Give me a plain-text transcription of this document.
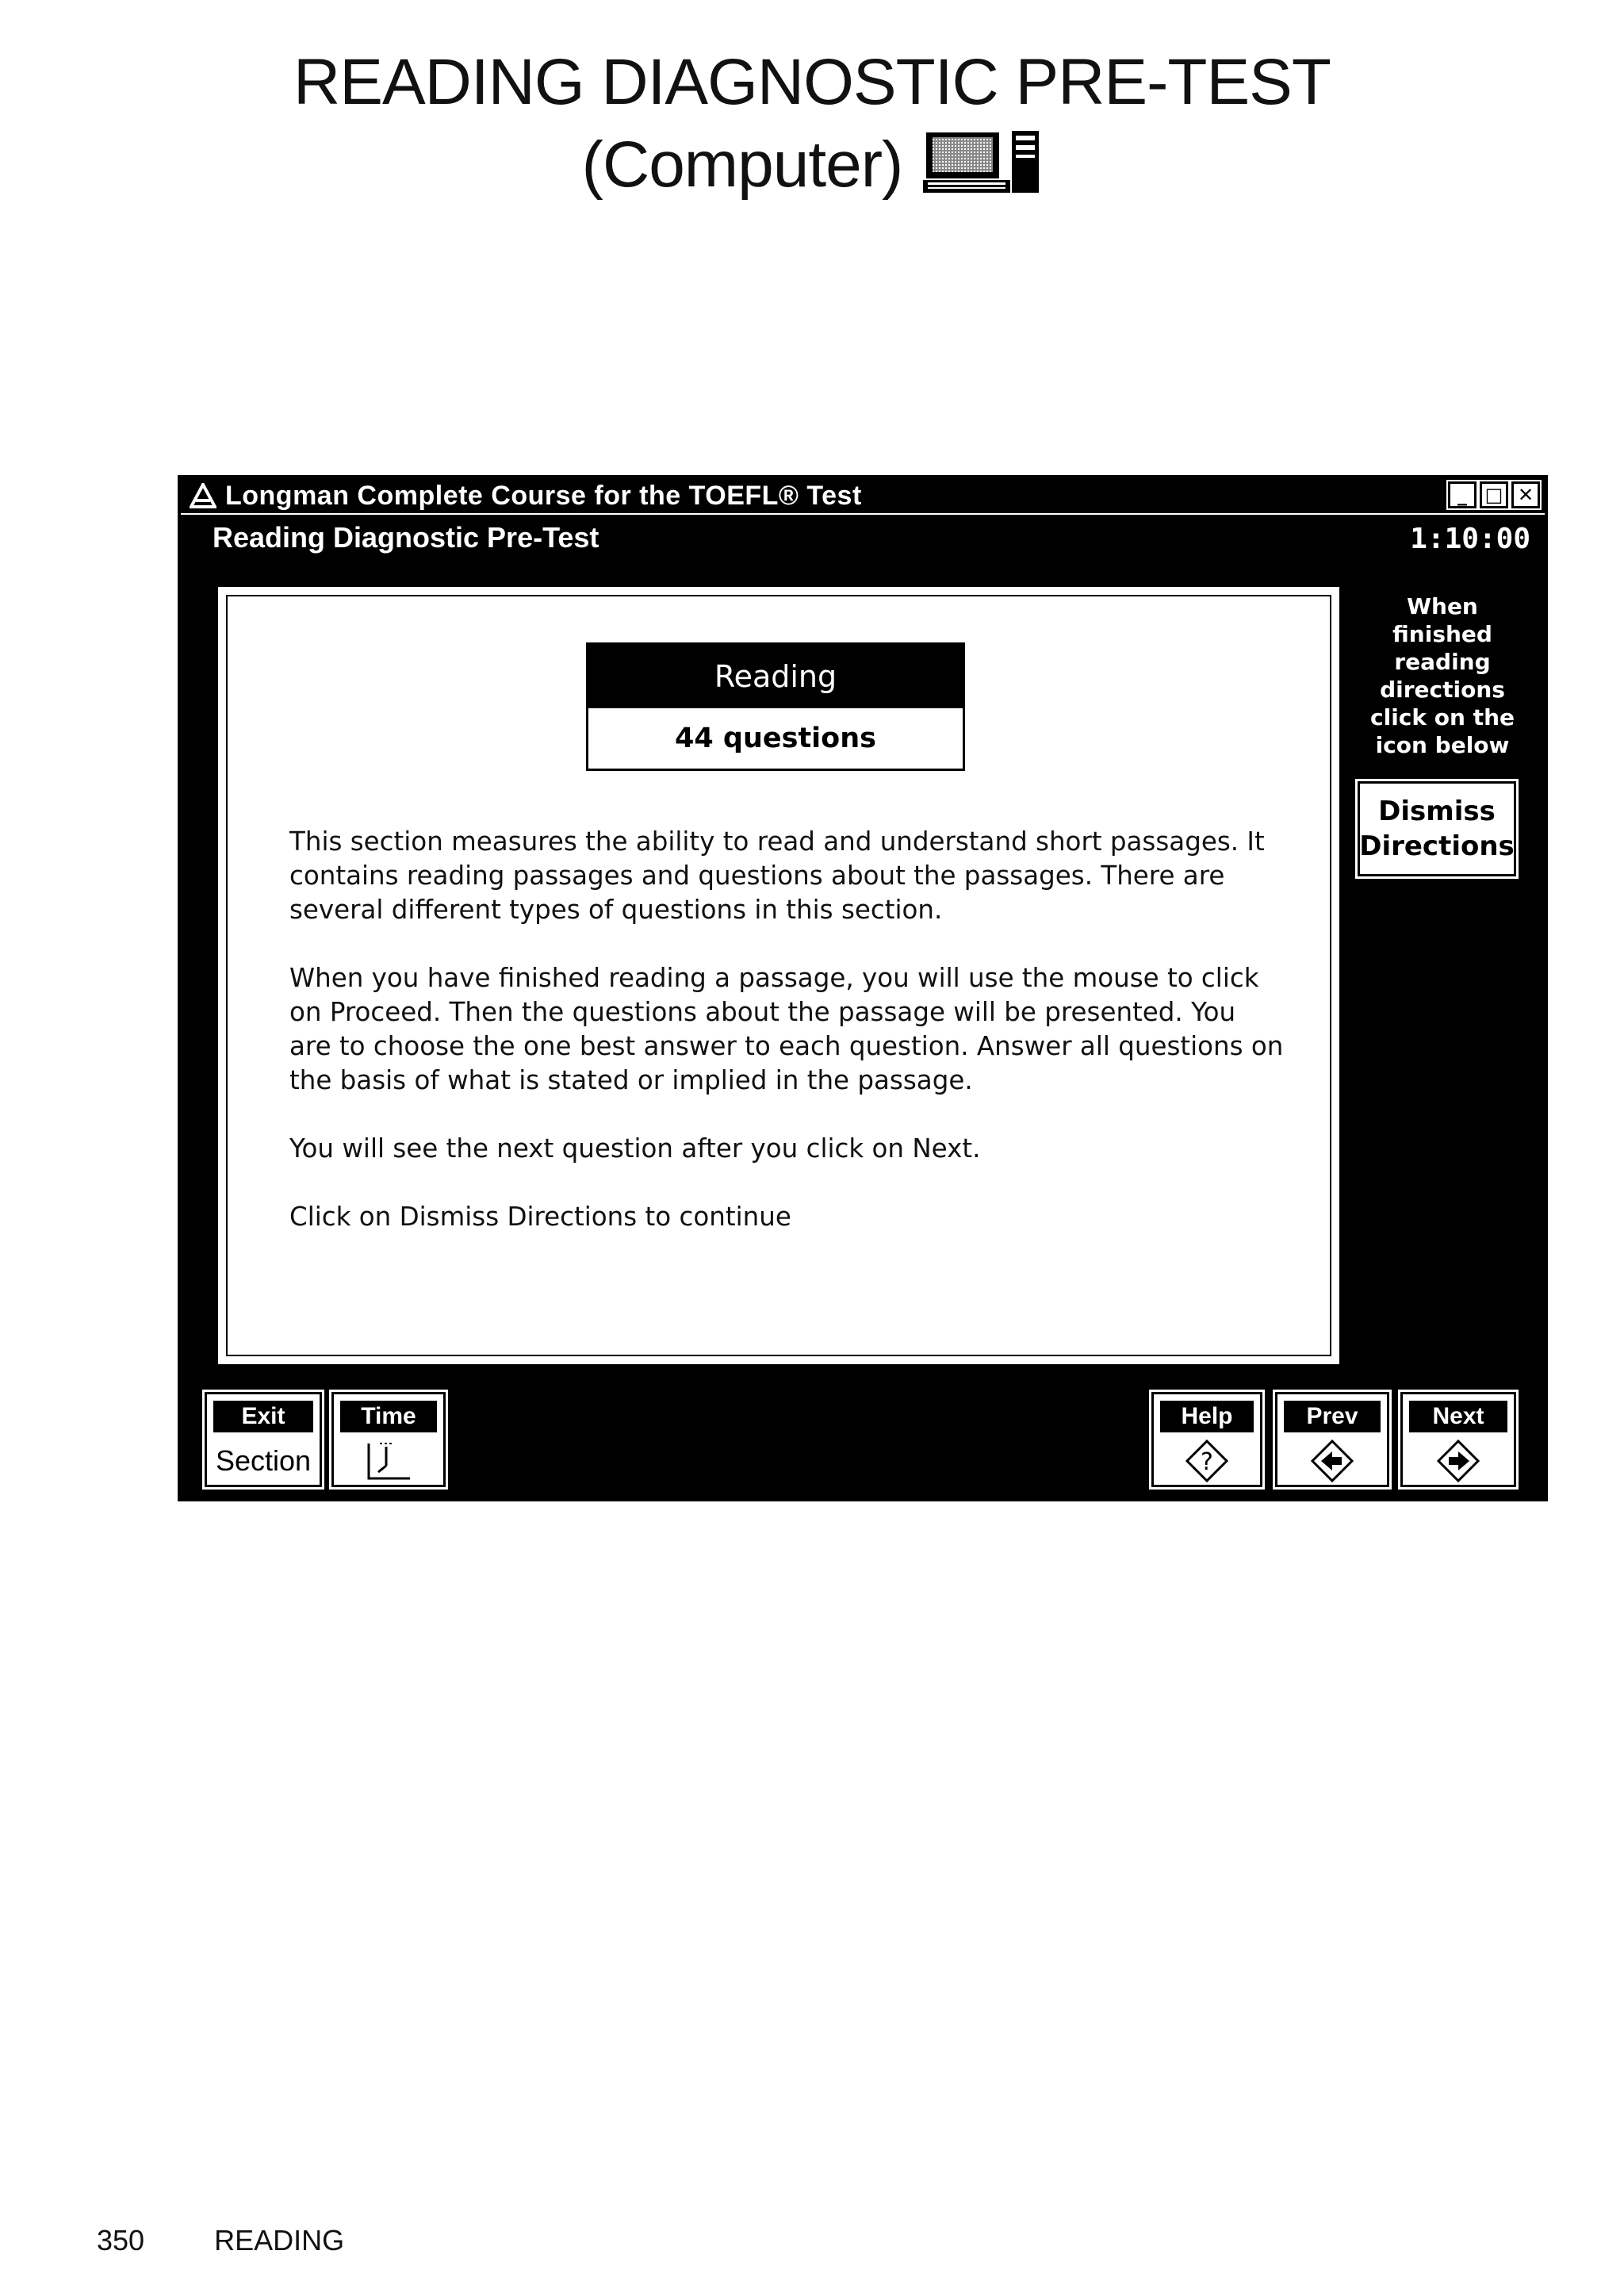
READING DIAGNOSTIC PRE-TEST
(Computer)
Longman Complete Course for the TOEFL® Test	_ □ ✕
Reading Diagnostic Pre-Test	1:10:00
Reading
44 questions

This section measures the ability to read and understand short passages. It
contains reading passages and questions about the passages. There are
several different types of questions in this section.

When you have finished reading a passage, you will use the mouse to click
on Proceed. Then the questions about the passage will be presented. You
are to choose the one best answer to each question. Answer all questions on
the basis of what is stated or implied in the passage.

You will see the next question after you click on Next.

Click on Dismiss Directions to continue

When finished reading directions click on the icon below
Dismiss
Directions
Exit
Section
Time	Help
?
Prev	Next
350 READING
